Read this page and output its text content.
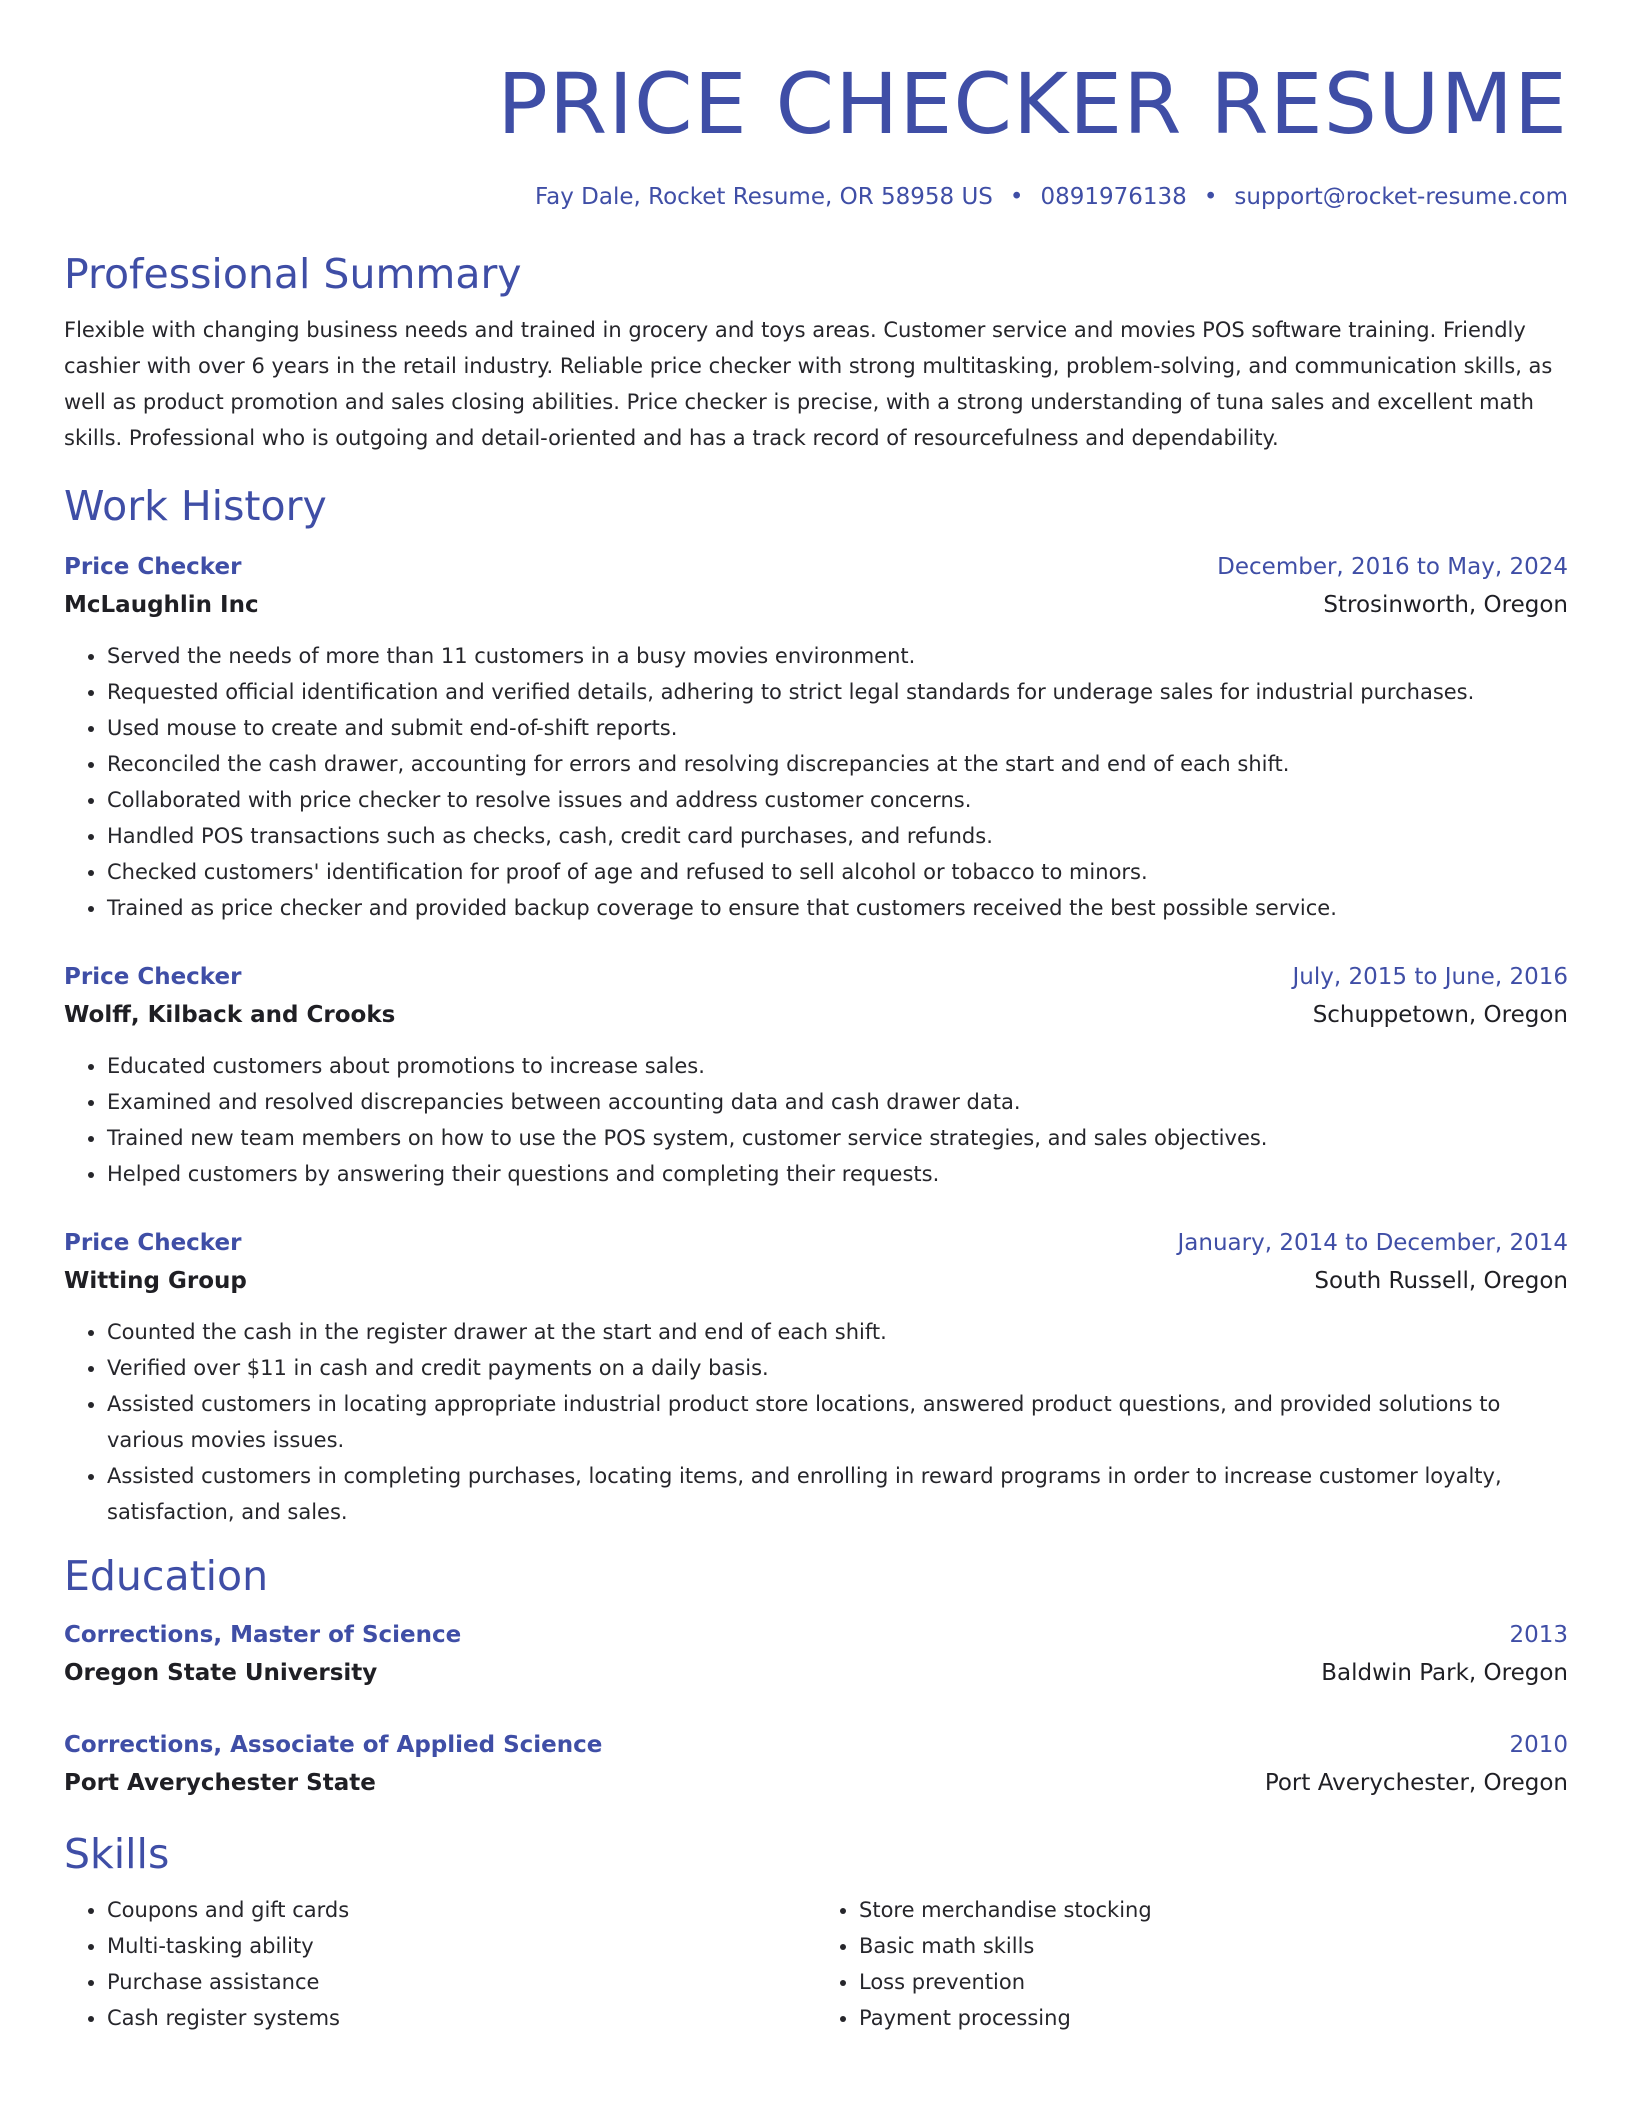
PRICE CHECKER RESUME
Fay Dale, Rocket Resume, OR 58958 US • 0891976138 • support@rocket-resume.com
Professional Summary

Flexible with changing business needs and trained in grocery and toys areas. Customer service and movies POS software training. Friendly cashier with over 6 years in the retail industry. Reliable price checker with strong multitasking, problem-solving, and communication skills, as well as product promotion and sales closing abilities. Price checker is precise, with a strong understanding of tuna sales and excellent math skills. Professional who is outgoing and detail-oriented and has a track record of resourcefulness and dependability.

Work History
Price Checker	December, 2016 to May, 2024
McLaughlin Inc	Strosinworth, Oregon
• Served the needs of more than 11 customers in a busy movies environment.
• Requested official identification and verified details, adhering to strict legal standards for underage sales for industrial purchases.
• Used mouse to create and submit end-of-shift reports.
• Reconciled the cash drawer, accounting for errors and resolving discrepancies at the start and end of each shift.
• Collaborated with price checker to resolve issues and address customer concerns.
• Handled POS transactions such as checks, cash, credit card purchases, and refunds.
• Checked customers' identification for proof of age and refused to sell alcohol or tobacco to minors.
• Trained as price checker and provided backup coverage to ensure that customers received the best possible service.
Price Checker	July, 2015 to June, 2016
Wolff, Kilback and Crooks	Schuppetown, Oregon
• Educated customers about promotions to increase sales.
• Examined and resolved discrepancies between accounting data and cash drawer data.
• Trained new team members on how to use the POS system, customer service strategies, and sales objectives.
• Helped customers by answering their questions and completing their requests.
Price Checker	January, 2014 to December, 2014
Witting Group	South Russell, Oregon
• Counted the cash in the register drawer at the start and end of each shift.
• Verified over $11 in cash and credit payments on a daily basis.
• Assisted customers in locating appropriate industrial product store locations, answered product questions, and provided solutions to various movies issues.
• Assisted customers in completing purchases, locating items, and enrolling in reward programs in order to increase customer loyalty, satisfaction, and sales.
Education
Corrections, Master of Science	2013
Oregon State University	Baldwin Park, Oregon
Corrections, Associate of Applied Science	2010
Port Averychester State	Port Averychester, Oregon
Skills
• Coupons and gift cards
• Multi-tasking ability
• Purchase assistance
• Cash register systems
• Store merchandise stocking
• Basic math skills
• Loss prevention
• Payment processing
